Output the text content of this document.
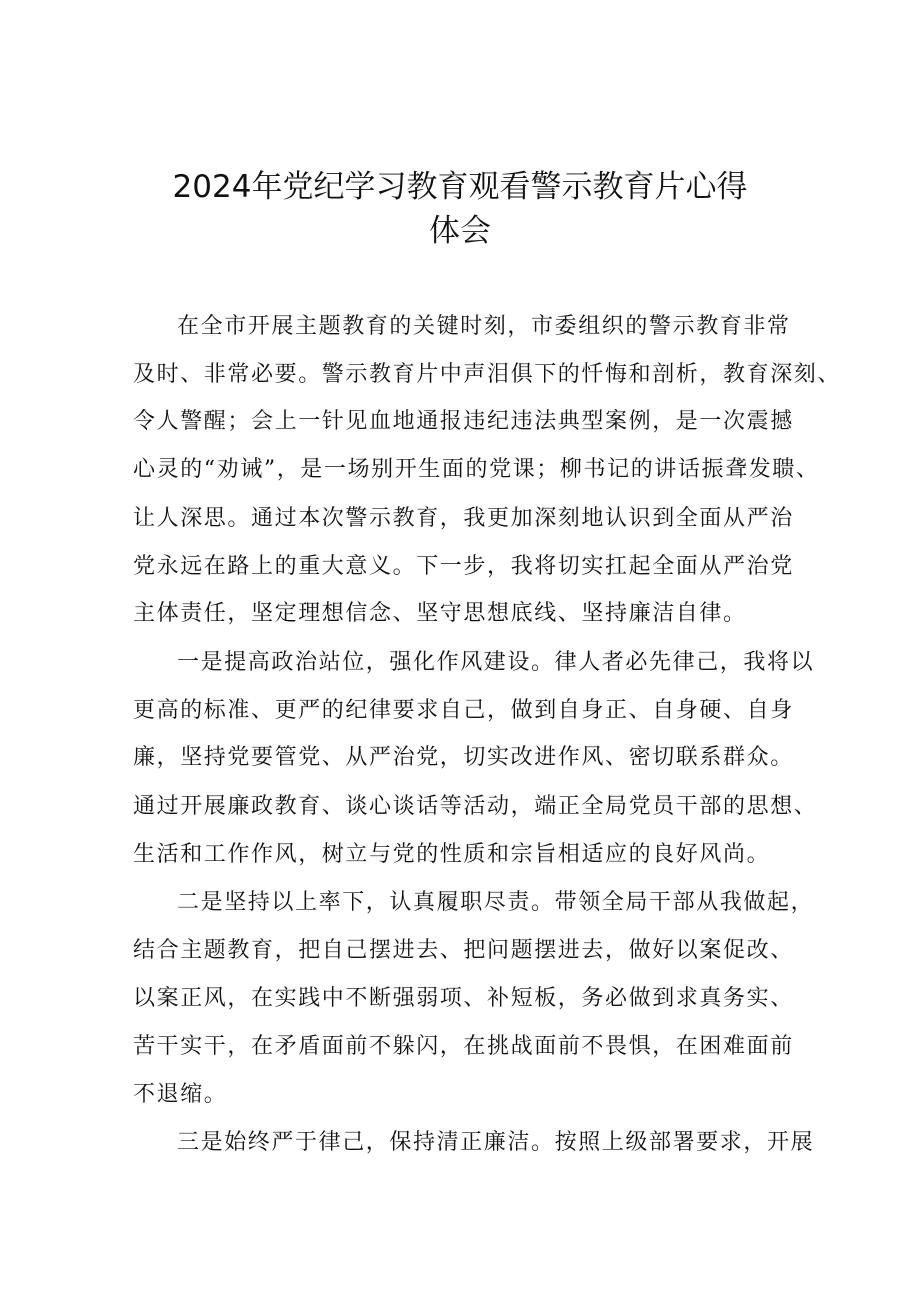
2024年党纪学习教育观看警示教育片心得
体会

在全市开展主题教育的关键时刻，市委组织的警示教育非常

及时、非常必要。警示教育片中声泪俱下的忏悔和剖析，教育深刻、

令人警醒；会上一针见血地通报违纪违法典型案例，是一次震撼

心灵的“劝诫”，是一场别开生面的党课；柳书记的讲话振聋发聩、

让人深思。通过本次警示教育，我更加深刻地认识到全面从严治

党永远在路上的重大意义。下一步，我将切实扛起全面从严治党

主体责任，坚定理想信念、坚守思想底线、坚持廉洁自律。

一是提高政治站位，强化作风建设。律人者必先律己，我将以

更高的标准、更严的纪律要求自己，做到自身正、自身硬、自身

廉，坚持党要管党、从严治党，切实改进作风、密切联系群众。

通过开展廉政教育、谈心谈话等活动，端正全局党员干部的思想、

生活和工作作风，树立与党的性质和宗旨相适应的良好风尚。

二是坚持以上率下，认真履职尽责。带领全局干部从我做起，

结合主题教育，把自己摆进去、把问题摆进去，做好以案促改、

以案正风，在实践中不断强弱项、补短板，务必做到求真务实、

苦干实干，在矛盾面前不躲闪，在挑战面前不畏惧，在困难面前

不退缩。

三是始终严于律己，保持清正廉洁。按照上级部署要求，开展
